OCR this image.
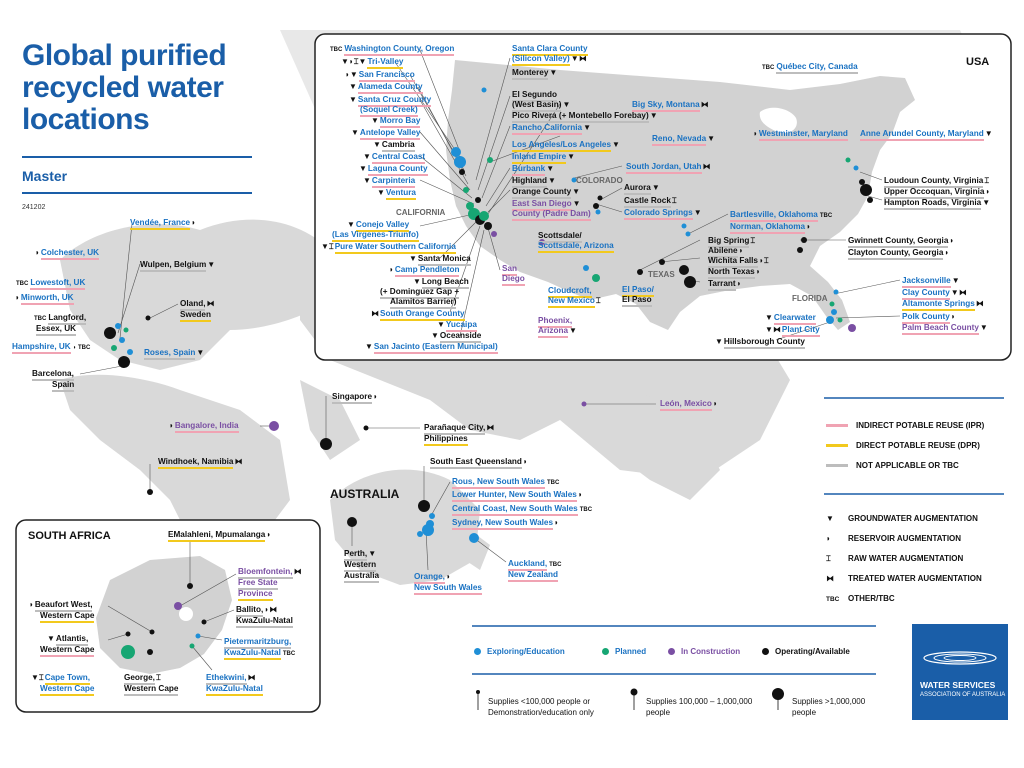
Global purified
recycled water
locations
Master
241202
USA
SOUTH AFRICA
AUSTRALIA
CALIFORNIA
COLORADO
TEXAS
FLORIDA
TBC Washington County, Oregon
▼◗⌶▼Tri-Valley
◗▼San Francisco
▼Alameda County
▼Santa Cruz County
(Soquel Creek)
▼Morro Bay
▼Antelope Valley
▼Cambria
▼Central Coast
▼Laguna County
▼Carpinteria
▼Ventura
▼Conejo Valley
(Las Virgenes-Triunfo)
▼⌶Pure Water Southern California
▼Santa Monica
◗Camp Pendleton
▼Long Beach
(+ Dominguez Gap +
Alamitos Barrier)
⧓South Orange County
▼Yucaipa
▼Oceanside
▼San Jacinto (Eastern Municipal)
Santa Clara County
(Silicon Valley)▼⧓
Monterey▼
El Segundo
(West Basin)▼
Pico Rivera (+ Montebello Forebay)▼
Rancho California▼
Los Angeles/Los Angeles▼
Inland Empire▼
Burbank▼
Highland▼
Orange County▼
East San Diego▼
County (Padre Dam)
Scottsdale/
Scottsdale, Arizona
San
Diego
Cloudcroft,
New Mexico⌶
El Paso/
El Paso
Phoenix,
Arizona▼
Big Sky, Montana⧓
Reno, Nevada▼
South Jordan, Utah⧓
Aurora▼
Castle Rock⌶
Colorado Springs▼	Bartlesville, Oklahoma TBC
Norman, Oklahoma◗
Big Spring⌶
Abilene◗
Wichita Falls◗⌶
North Texas◗
Tarrant◗
TBC Québec City, Canada
◗Westminster, Maryland Anne Arundel County, Maryland▼
Loudoun County, Virginia⌶
Upper Occoquan, Virginia◗
Hampton Roads, Virginia▼
Gwinnett County, Georgia◗
Clayton County, Georgia◗
Jacksonville▼
Clay County▼⧓
Altamonte Springs⧓
Polk County◗
Palm Beach County▼
▼Clearwater
▼⧓Plant City
▼Hillsborough County
Vendée, France◗
◗Colchester, UK
Wulpen, Belgium▼
TBC Lowestoft, UK
◗Minworth, UK
Oland,⧓
Sweden
TBC Langford,
Essex, UK
Hampshire, UK ◗ TBC	Roses, Spain▼
Barcelona,
Spain
Singapore◗
◗Bangalore, India	Parañaque City,⧓
Philippines
León, Mexico◗
Windhoek, Namibia⧓	South East Queensland◗
Rous, New South Wales TBC
Lower Hunter, New South Wales◗
Central Coast, New South Wales TBC
Sydney, New South Wales◗
Perth,▼
Western
Australia
Auckland, TBC
New Zealand
Orange,◗
New South Wales
EMalahleni, Mpumalanga◗
Bloemfontein,⧓
Free State
Province
◗Beaufort West,
Western Cape
Ballito,◗⧓
KwaZulu-Natal
▼Atlantis,
Western Cape
Pietermaritzburg,
KwaZulu-Natal TBC
▼⌶Cape Town,
Western Cape
George,⌶
Western Cape
Ethekwini,⧓
KwaZulu-Natal
INDIRECT POTABLE REUSE (IPR)
DIRECT POTABLE REUSE (DPR)
NOT APPLICABLE OR TBC
▼ GROUNDWATER AUGMENTATION
◗ RESERVOIR AUGMENTATION
⌶ RAW WATER AUGMENTATION
⧓ TREATED WATER AUGMENTATION
TBC OTHER/TBC
Exploring/Education	Planned	In Construction	Operating/Available
Supplies <100,000 people or Demonstration/education only
Supplies 100,000 – 1,000,000 people
Supplies >1,000,000 people
WATER SERVICES
ASSOCIATION OF AUSTRALIA
